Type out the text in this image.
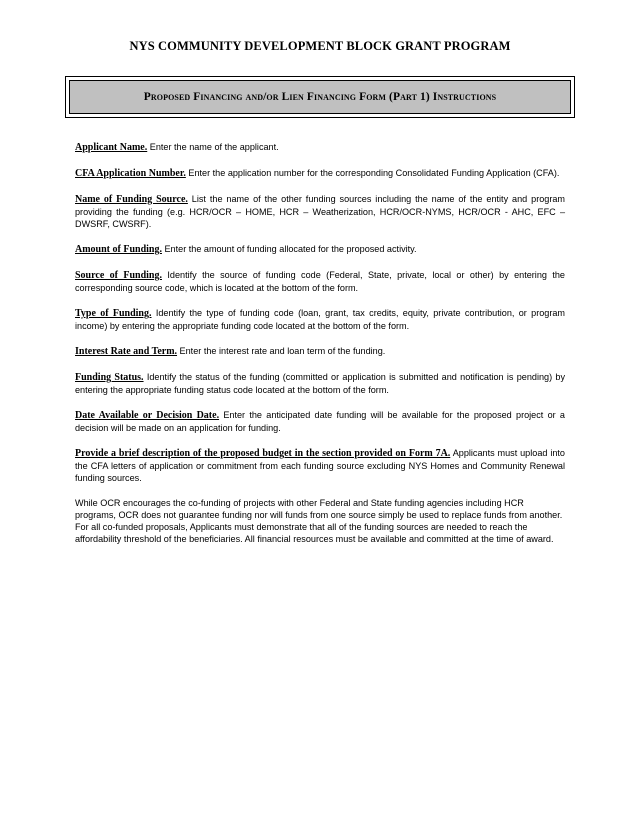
NYS COMMUNITY DEVELOPMENT BLOCK GRANT PROGRAM
Proposed Financing and/or Lien Financing Form (Part 1) Instructions

Applicant Name. Enter the name of the applicant.

CFA Application Number. Enter the application number for the corresponding Consolidated Funding Application (CFA).

Name of Funding Source. List the name of the other funding sources including the name of the entity and program providing the funding (e.g. HCR/OCR – HOME, HCR – Weatherization, HCR/OCR-NYMS, HCR/OCR - AHC, EFC – DWSRF, CWSRF).

Amount of Funding. Enter the amount of funding allocated for the proposed activity.

Source of Funding. Identify the source of funding code (Federal, State, private, local or other) by entering the corresponding source code, which is located at the bottom of the form.

Type of Funding. Identify the type of funding code (loan, grant, tax credits, equity, private contribution, or program income) by entering the appropriate funding code located at the bottom of the form.

Interest Rate and Term. Enter the interest rate and loan term of the funding.

Funding Status. Identify the status of the funding (committed or application is submitted and notification is pending) by entering the appropriate funding status code located at the bottom of the form.

Date Available or Decision Date. Enter the anticipated date funding will be available for the proposed project or a decision will be made on an application for funding.

Provide a brief description of the proposed budget in the section provided on Form 7A. Applicants must upload into the CFA letters of application or commitment from each funding source excluding NYS Homes and Community Renewal funding sources.

While OCR encourages the co-funding of projects with other Federal and State funding agencies including HCR programs, OCR does not guarantee funding nor will funds from one source simply be used to replace funds from another. For all co-funded proposals, Applicants must demonstrate that all of the funding sources are needed to reach the affordability threshold of the beneficiaries. All financial resources must be available and committed at the time of award.
